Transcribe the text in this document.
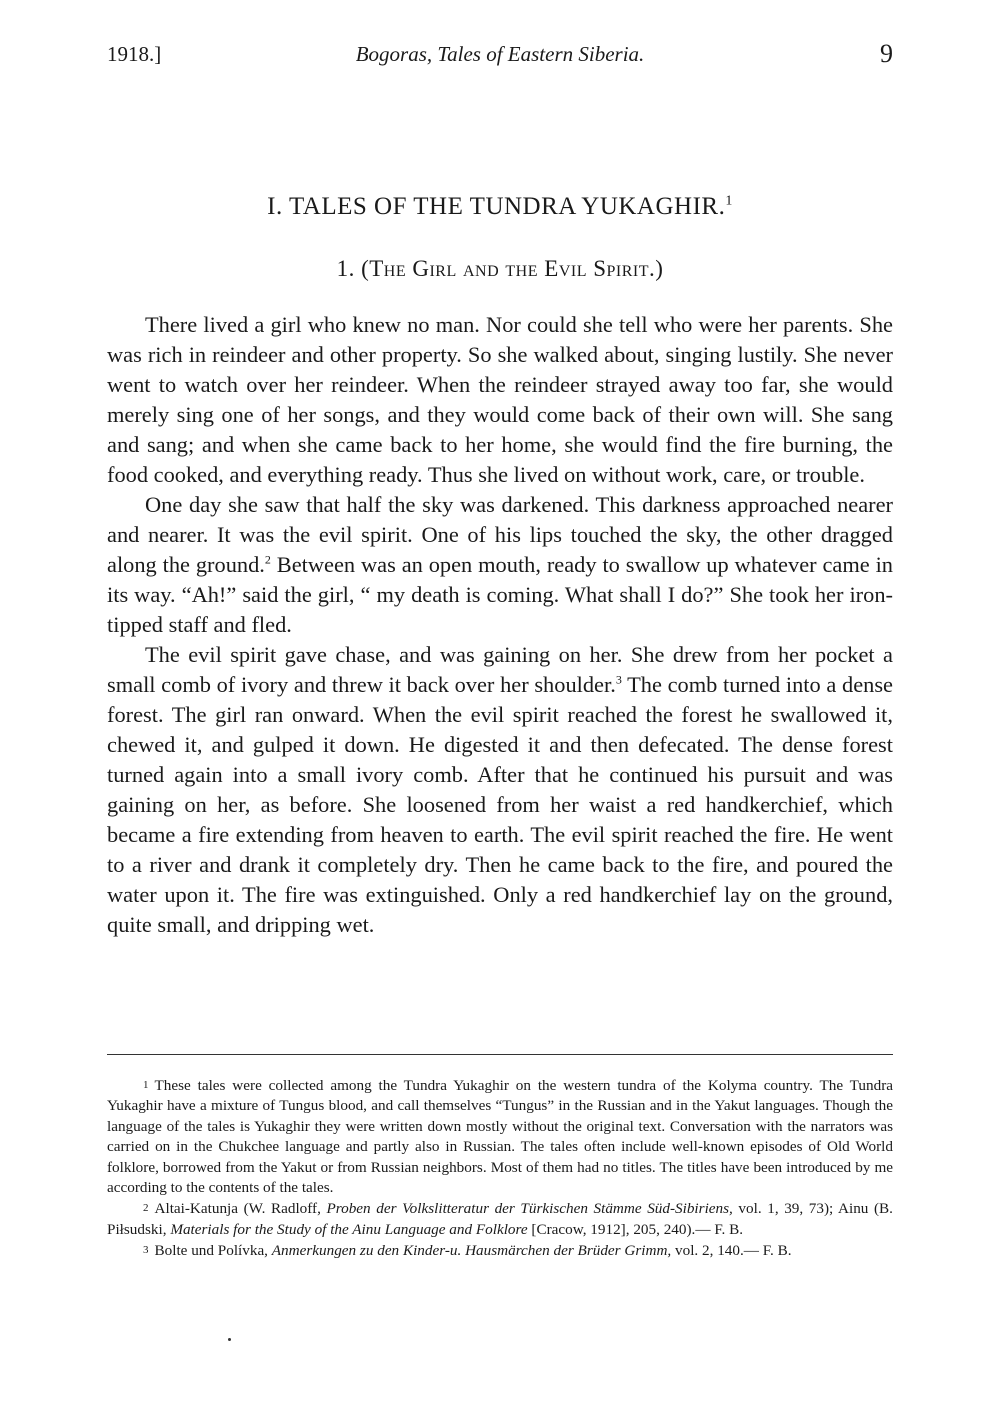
1918.]	Bogoras, Tales of Eastern Siberia.	9
I. TALES OF THE TUNDRA YUKAGHIR.$^1$
1. (The Girl and the Evil Spirit.)

There lived a girl who knew no man. Nor could she tell who were her parents. She was rich in reindeer and other property. So she walked about, singing lustily. She never went to watch over her reindeer. When the reindeer strayed away too far, she would merely sing one of her songs, and they would come back of their own will. She sang and sang; and when she came back to her home, she would find the fire burning, the food cooked, and everything ready. Thus she lived on without work, care, or trouble.

One day she saw that half the sky was darkened. This darkness approached nearer and nearer. It was the evil spirit. One of his lips touched the sky, the other dragged along the ground.$^2$ Between was an open mouth, ready to swallow up whatever came in its way. “Ah!” said the girl, “ my death is coming. What shall I do?” She took her iron-tipped staff and fled.

The evil spirit gave chase, and was gaining on her. She drew from her pocket a small comb of ivory and threw it back over her shoulder.$^3$ The comb turned into a dense forest. The girl ran onward. When the evil spirit reached the forest he swallowed it, chewed it, and gulped it down. He digested it and then defecated. The dense forest turned again into a small ivory comb. After that he continued his pursuit and was gaining on her, as before. She loosened from her waist a red handkerchief, which became a fire extending from heaven to earth. The evil spirit reached the fire. He went to a river and drank it completely dry. Then he came back to the fire, and poured the water upon it. The fire was extinguished. Only a red handkerchief lay on the ground, quite small, and dripping wet.

1 These tales were collected among the Tundra Yukaghir on the western tundra of the Kolyma country. The Tundra Yukaghir have a mixture of Tungus blood, and call themselves “Tungus” in the Russian and in the Yakut languages. Though the language of the tales is Yukaghir they were written down mostly without the original text. Conversation with the narrators was carried on in the Chukchee language and partly also in Russian. The tales often include well-known episodes of Old World folklore, borrowed from the Yakut or from Russian neighbors. Most of them had no titles. The titles have been introduced by me according to the contents of the tales.

2 Altai-Katunja (W. Radloff, Proben der Volkslitteratur der Türkischen Stämme Süd-Sibiriens, vol. 1, 39, 73); Ainu (B. Piłsudski, Materials for the Study of the Ainu Language and Folklore [Cracow, 1912], 205, 240).— F. B.

3 Bolte und Polívka, Anmerkungen zu den Kinder-u. Hausmärchen der Brüder Grimm, vol. 2, 140.— F. B.
